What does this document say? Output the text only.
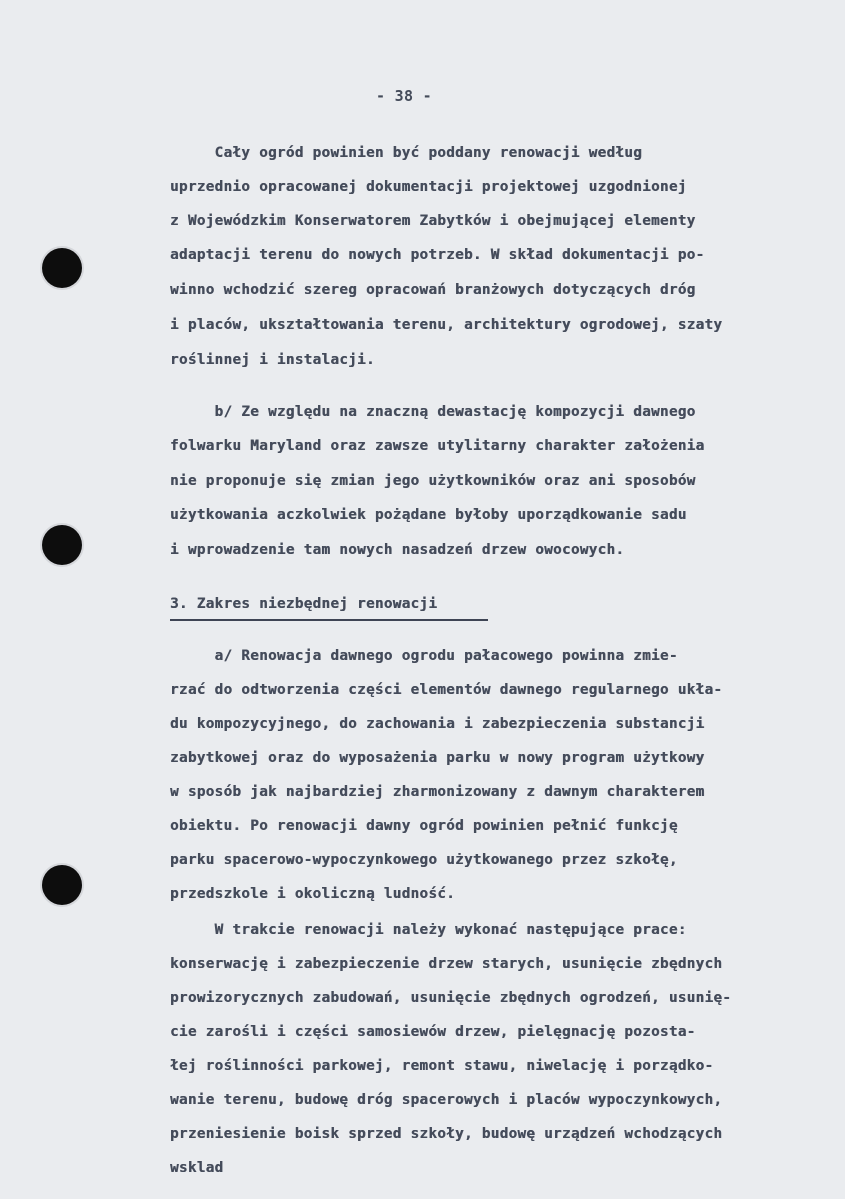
- 38 -
Cały ogród powinien być poddany renowacji według
uprzednio opracowanej dokumentacji projektowej uzgodnionej
z Wojewódzkim Konserwatorem Zabytków i obejmującej elementy
adaptacji terenu do nowych potrzeb. W skład dokumentacji po-
winno wchodzić szereg opracowań branżowych dotyczących dróg
i placów, ukształtowania terenu, architektury ogrodowej, szaty
roślinnej i instalacji.
b/ Ze względu na znaczną dewastację kompozycji dawnego
folwarku Maryland oraz zawsze utylitarny charakter założenia
nie proponuje się zmian jego użytkowników oraz ani sposobów
użytkowania aczkolwiek pożądane byłoby uporządkowanie sadu
i wprowadzenie tam nowych nasadzeń drzew owocowych.
3. Zakres niezbędnej renowacji
a/ Renowacja dawnego ogrodu pałacowego powinna zmie-
rzać do odtworzenia części elementów dawnego regularnego ukła-
du kompozycyjnego, do zachowania i zabezpieczenia substancji
zabytkowej oraz do wyposażenia parku w nowy program użytkowy
w sposób jak najbardziej zharmonizowany z dawnym charakterem
obiektu. Po renowacji dawny ogród powinien pełnić funkcję
parku spacerowo-wypoczynkowego użytkowanego przez szkołę,
przedszkole i okoliczną ludność.
W trakcie renowacji należy wykonać następujące prace:
konserwację i zabezpieczenie drzew starych, usunięcie zbędnych
prowizorycznych zabudowań, usunięcie zbędnych ogrodzeń, usunię-
cie zarośli i części samosiewów drzew, pielęgnację pozosta-
łej roślinności parkowej, remont stawu, niwelację i porządko-
wanie terenu, budowę dróg spacerowych i placów wypoczynkowych,
przeniesienie boisk sprzed szkoły, budowę urządzeń wchodzących
wsklad
